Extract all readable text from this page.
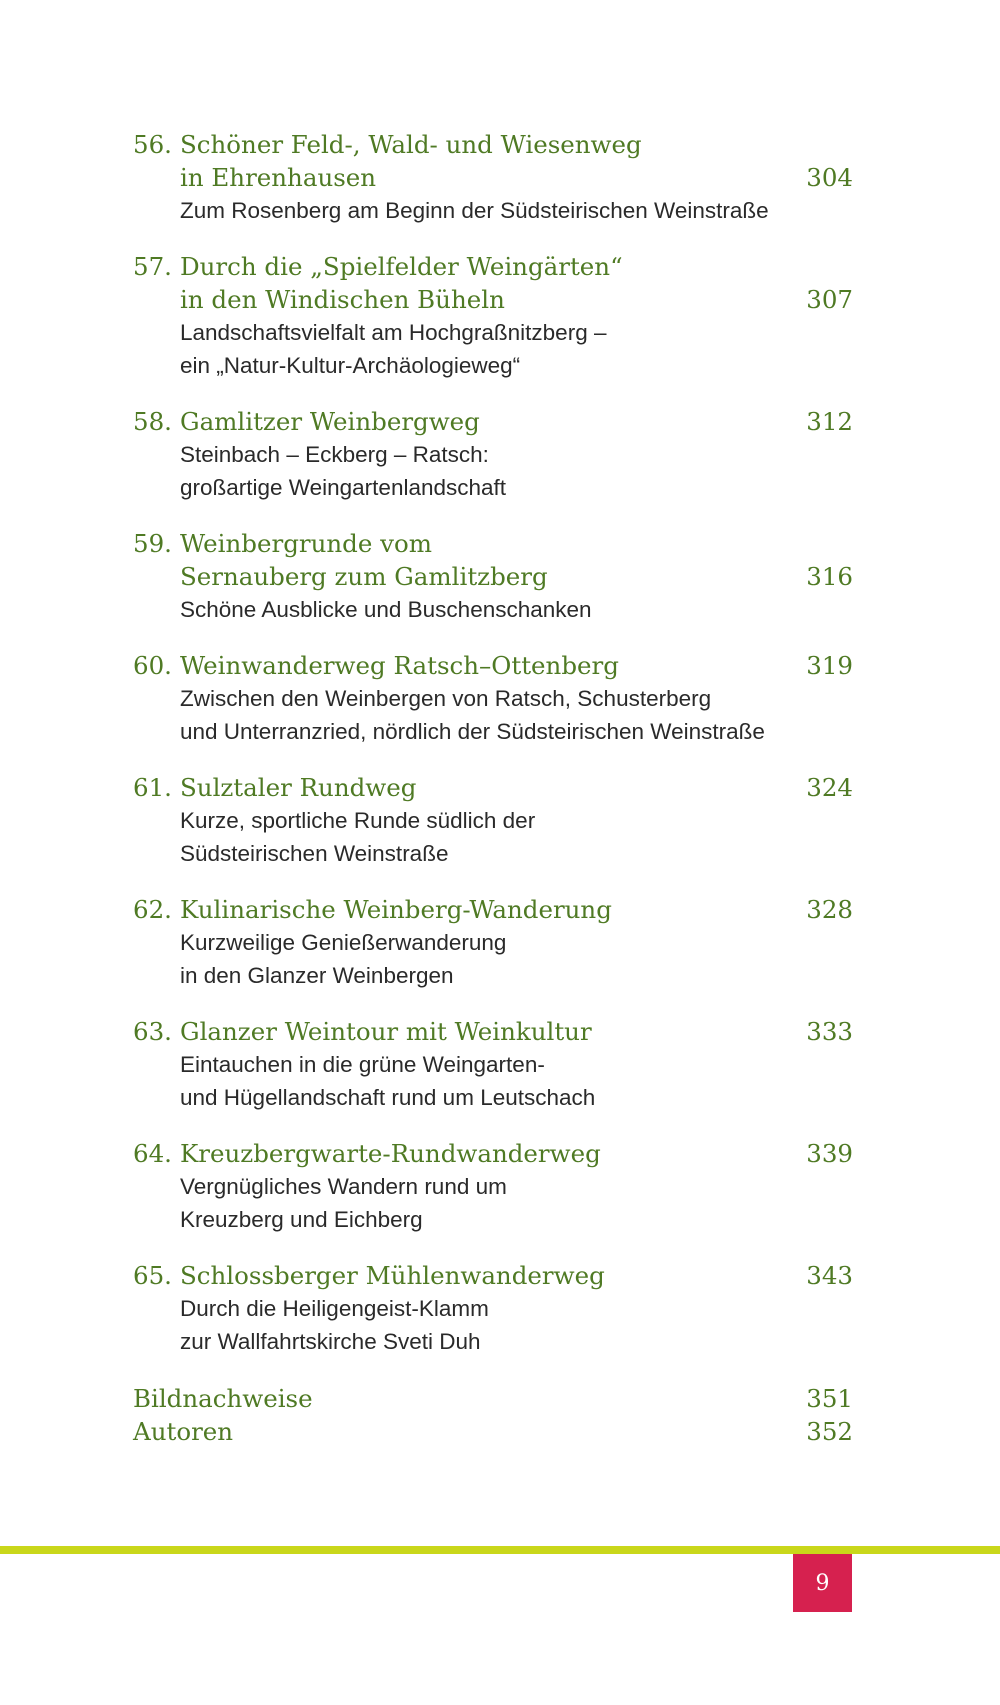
56. Schöner Feld-, Wald- und Wiesenweg
in Ehrenhausen	304
Zum Rosenberg am Beginn der Südsteirischen Weinstraße
57. Durch die „Spielfelder Weingärten“
in den Windischen Büheln	307
Landschaftsvielfalt am Hochgraßnitzberg –
ein „Natur-Kultur-Archäologieweg“
58. Gamlitzer Weinbergweg	312
Steinbach – Eckberg – Ratsch:
großartige Weingartenlandschaft
59. Weinbergrunde vom
Sernauberg zum Gamlitzberg	316
Schöne Ausblicke und Buschenschanken
60. Weinwanderweg Ratsch–Ottenberg	319
Zwischen den Weinbergen von Ratsch, Schusterberg
und Unterranzried, nördlich der Südsteirischen Weinstraße
61. Sulztaler Rundweg	324
Kurze, sportliche Runde südlich der
Südsteirischen Weinstraße
62. Kulinarische Weinberg-Wanderung	328
Kurzweilige Genießerwanderung
in den Glanzer Weinbergen
63. Glanzer Weintour mit Weinkultur	333
Eintauchen in die grüne Weingarten-
und Hügellandschaft rund um Leutschach
64. Kreuzbergwarte-Rundwanderweg	339
Vergnügliches Wandern rund um
Kreuzberg und Eichberg
65. Schlossberger Mühlenwanderweg	343
Durch die Heiligengeist-Klamm
zur Wallfahrtskirche Sveti Duh
Bildnachweise	351
Autoren	352
9
